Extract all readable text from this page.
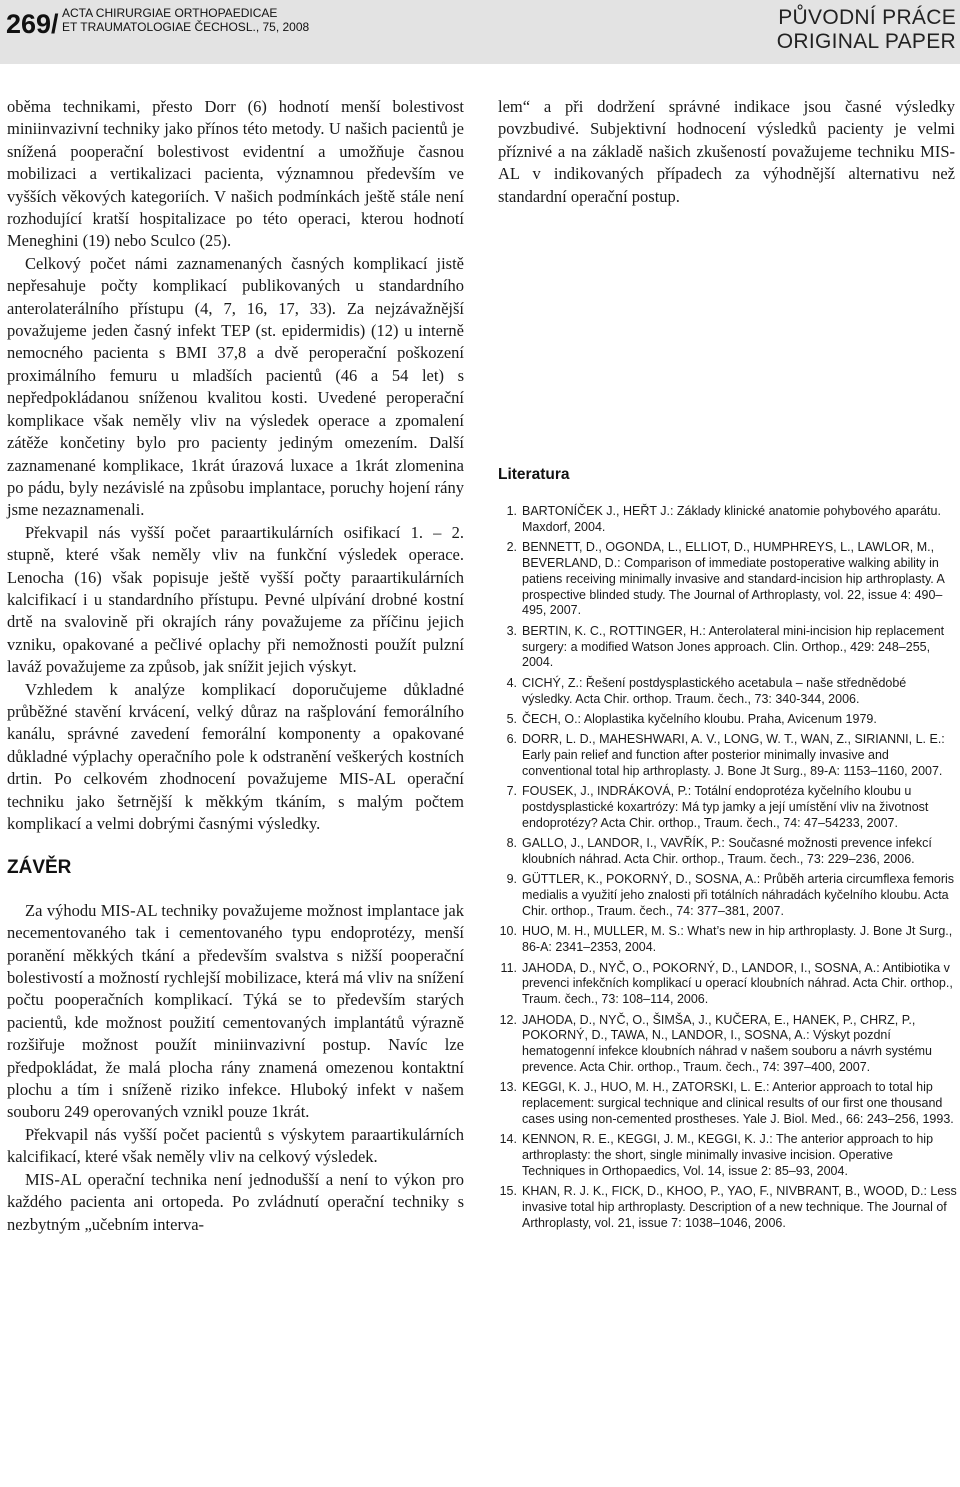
269/ ACTA CHIRURGIAE ORTHOPAEDICAE
ET TRAUMATOLOGIAE ČECHOSL., 75, 2008	PŮVODNÍ PRÁCE
ORIGINAL PAPER

oběma technikami, přesto Dorr (6) hodnotí menší bolestivost miniinvazivní techniky jako přínos této metody. U našich pacientů je snížená pooperační bolestivost evidentní a umožňuje časnou mobilizaci a vertikalizaci pacienta, významnou především ve vyšších věkových kategoriích. V našich podmínkách ještě stále není rozhodující kratší hospitalizace po této operaci, kterou hodnotí Meneghini (19) nebo Sculco (25).

Celkový počet námi zaznamenaných časných komplikací jistě nepřesahuje počty komplikací publikovaných u standardního anterolaterálního přístupu (4, 7, 16, 17, 33). Za nejzávažnější považujeme jeden časný infekt TEP (st. epidermidis) (12) u interně nemocného pacienta s BMI 37,8 a dvě peroperační poškození proximálního femuru u mladších pacientů (46 a 54 let) s nepředpokládanou sníženou kvalitou kosti. Uvedené peroperační komplikace však neměly vliv na výsledek operace a zpomalení zátěže končetiny bylo pro pacienty jediným omezením. Další zaznamenané komplikace, 1krát úrazová luxace a 1krát zlomenina po pádu, byly nezávislé na způsobu implantace, poruchy hojení rány jsme nezaznamenali.

Překvapil nás vyšší počet paraartikulárních osifikací 1. – 2. stupně, které však neměly vliv na funkční výsledek operace. Lenocha (16) však popisuje ještě vyšší počty paraartikulárních kalcifikací i u standardního přístupu. Pevné ulpívání drobné kostní drtě na svalovině při okrajích rány považujeme za příčinu jejich vzniku, opakované a pečlivé oplachy při nemožnosti použít pulzní laváž považujeme za způsob, jak snížit jejich výskyt.

Vzhledem k analýze komplikací doporučujeme důkladné průběžné stavění krvácení, velký důraz na rašplování femorálního kanálu, správné zavedení femorální komponenty a opakované důkladné výplachy operačního pole k odstranění veškerých kostních drtin. Po celkovém zhodnocení považujeme MIS-AL operační techniku jako šetrnější k měkkým tkáním, s malým počtem komplikací a velmi dobrými časnými výsledky.

ZÁVĚR

Za výhodu MIS-AL techniky považujeme možnost implantace jak necementovaného tak i cementovaného typu endoprotézy, menší poranění měkkých tkání a především svalstva s nižší pooperační bolestivostí a možností rychlejší mobilizace, která má vliv na snížení počtu pooperačních komplikací. Týká se to především starých pacientů, kde možnost použití cementovaných implantátů výrazně rozšiřuje možnost použít miniinvazivní postup. Navíc lze předpokládat, že malá plocha rány znamená omezenou kontaktní plochu a tím i sníženě riziko infekce. Hluboký infekt v našem souboru 249 operovaných vznikl pouze 1krát.

Překvapil nás vyšší počet pacientů s výskytem paraartikulárních kalcifikací, které však neměly vliv na celkový výsledek.

MIS-AL operační technika není jednodušší a není to výkon pro každého pacienta ani ortopeda. Po zvládnutí operační techniky s nezbytným „učebním interva-

lem“ a při dodržení správné indikace jsou časné výsledky povzbudivé. Subjektivní hodnocení výsledků pacienty je velmi příznivé a na základě našich zkušeností považujeme techniku MIS-AL v indikovaných případech za výhodnější alternativu než standardní operační postup.

Literatura
1. BARTONÍČEK J., HEŘT J.: Základy klinické anatomie pohybového aparátu. Maxdorf, 2004.
2. BENNETT, D., OGONDA, L., ELLIOT, D., HUMPHREYS, L., LAWLOR, M., BEVERLAND, D.: Comparison of immediate postoperative walking ability in patiens receiving minimally invasive and standard-incision hip arthroplasty. A prospective blinded study. The Journal of Arthroplasty, vol. 22, issue 4: 490–495, 2007.
3. BERTIN, K. C., ROTTINGER, H.: Anterolateral mini-incision hip replacement surgery: a modified Watson Jones approach. Clin. Orthop., 429: 248–255, 2004.
4. CICHÝ, Z.: Řešení postdysplastického acetabula – naše střednědobé výsledky. Acta Chir. orthop. Traum. čech., 73: 340-344, 2006.
5. ČECH, O.: Aloplastika kyčelního kloubu. Praha, Avicenum 1979.
6. DORR, L. D., MAHESHWARI, A. V., LONG, W. T., WAN, Z., SIRIANNI, L. E.: Early pain relief and function after posterior minimally invasive and conventional total hip arthroplasty. J. Bone Jt Surg., 89-A: 1153–1160, 2007.
7. FOUSEK, J., INDRÁKOVÁ, P.: Totální endoprotéza kyčelního kloubu u postdysplastické koxartrózy: Má typ jamky a její umístění vliv na životnost endoprotézy? Acta Chir. orthop., Traum. čech., 74: 47–54233, 2007.
8. GALLO, J., LANDOR, I., VAVŘÍK, P.: Současné možnosti prevence infekcí kloubních náhrad. Acta Chir. orthop., Traum. čech., 73: 229–236, 2006.
9. GÜTTLER, K., POKORNÝ, D., SOSNA, A.: Průběh arteria circumflexa femoris medialis a využití jeho znalosti při totálních náhradách kyčelního kloubu. Acta Chir. orthop., Traum. čech., 74: 377–381, 2007.
10. HUO, M. H., MULLER, M. S.: What’s new in hip arthroplasty. J. Bone Jt Surg., 86-A: 2341–2353, 2004.
11. JAHODA, D., NYČ, O., POKORNÝ, D., LANDOR, I., SOSNA, A.: Antibiotika v prevenci infekčních komplikací u operací kloubních náhrad. Acta Chir. orthop., Traum. čech., 73: 108–114, 2006.
12. JAHODA, D., NYČ, O., ŠIMŠA, J., KUČERA, E., HANEK, P., CHRZ, P., POKORNÝ, D., TAWA, N., LANDOR, I., SOSNA, A.: Výskyt pozdní hematogenní infekce kloubních náhrad v našem souboru a návrh systému prevence. Acta Chir. orthop., Traum. čech., 74: 397–400, 2007.
13. KEGGI, K. J., HUO, M. H., ZATORSKI, L. E.: Anterior approach to total hip replacement: surgical technique and clinical results of our first one thousand cases using non-cemented prostheses. Yale J. Biol. Med., 66: 243–256, 1993.
14. KENNON, R. E., KEGGI, J. M., KEGGI, K. J.: The anterior approach to hip arthroplasty: the short, single minimally invasive incision. Operative Techniques in Orthopaedics, Vol. 14, issue 2: 85–93, 2004.
15. KHAN, R. J. K., FICK, D., KHOO, P., YAO, F., NIVBRANT, B., WOOD, D.: Less invasive total hip arthroplasty. Description of a new technique. The Journal of Arthroplasty, vol. 21, issue 7: 1038–1046, 2006.
